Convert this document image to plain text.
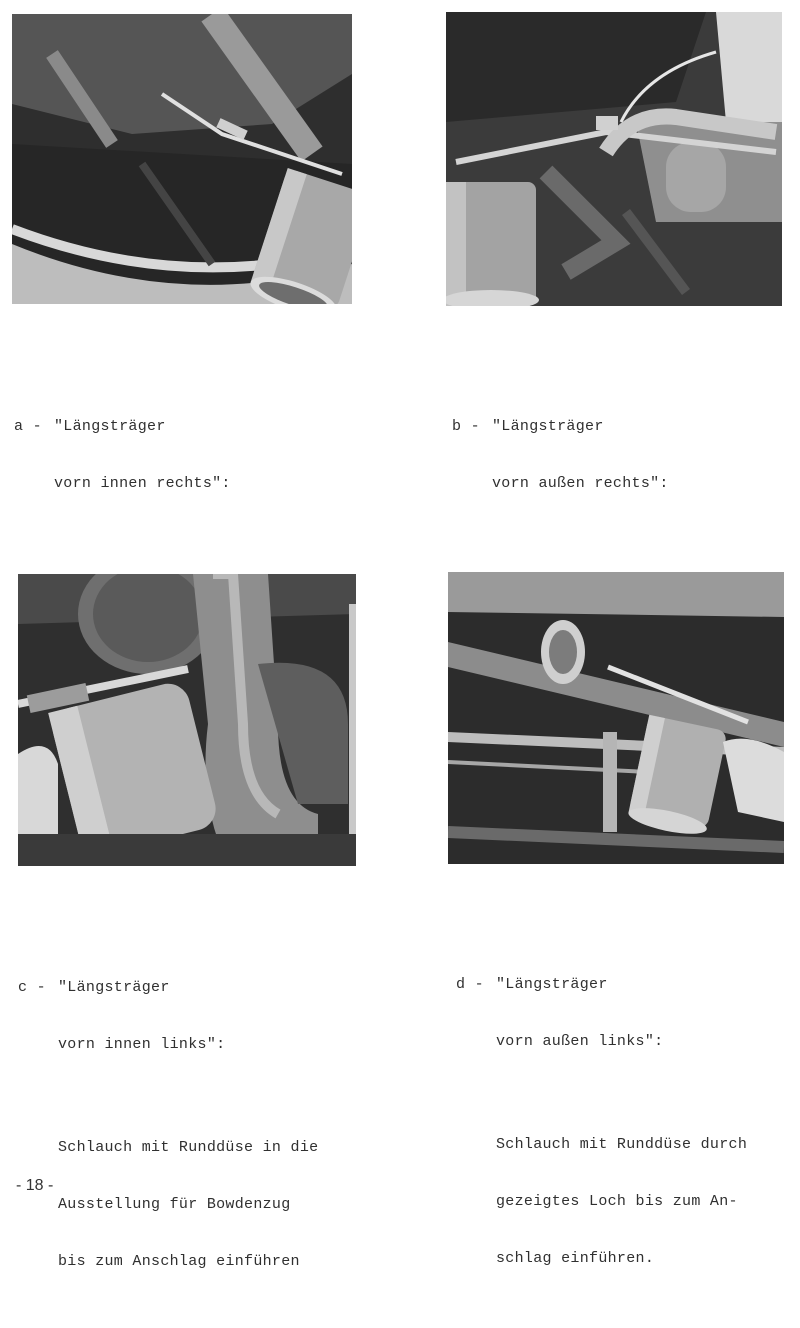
a - "Längsträger

vorn innen rechts":

b - "Längsträger

vorn außen rechts":

c - "Längsträger

vorn innen links":

Schlauch mit Runddüse in die

Ausstellung für Bowdenzug

bis zum Anschlag einführen

d - "Längsträger

vorn außen links":

Schlauch mit Runddüse durch

gezeigtes Loch bis zum An-

schlag einführen.

- 18 -
